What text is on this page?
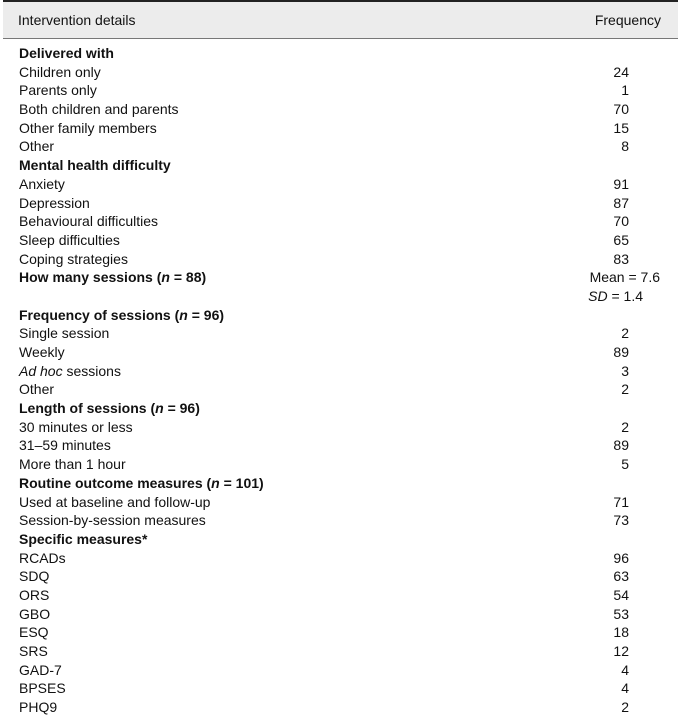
Intervention details	Frequency
Delivered with
Children only	24
Parents only	1
Both children and parents	70
Other family members	15
Other	8
Mental health difficulty
Anxiety	91
Depression	87
Behavioural difficulties	70
Sleep difficulties	65
Coping strategies	83
How many sessions (n = 88)	Mean = 7.6
SD = 1.4
Frequency of sessions (n = 96)
Single session	2
Weekly	89
Ad hoc sessions	3
Other	2
Length of sessions (n = 96)
30 minutes or less	2
31–59 minutes	89
More than 1 hour	5
Routine outcome measures (n = 101)
Used at baseline and follow-up	71
Session-by-session measures	73
Specific measures*
RCADs	96
SDQ	63
ORS	54
GBO	53
ESQ	18
SRS	12
GAD-7	4
BPSES	4
PHQ9	2
